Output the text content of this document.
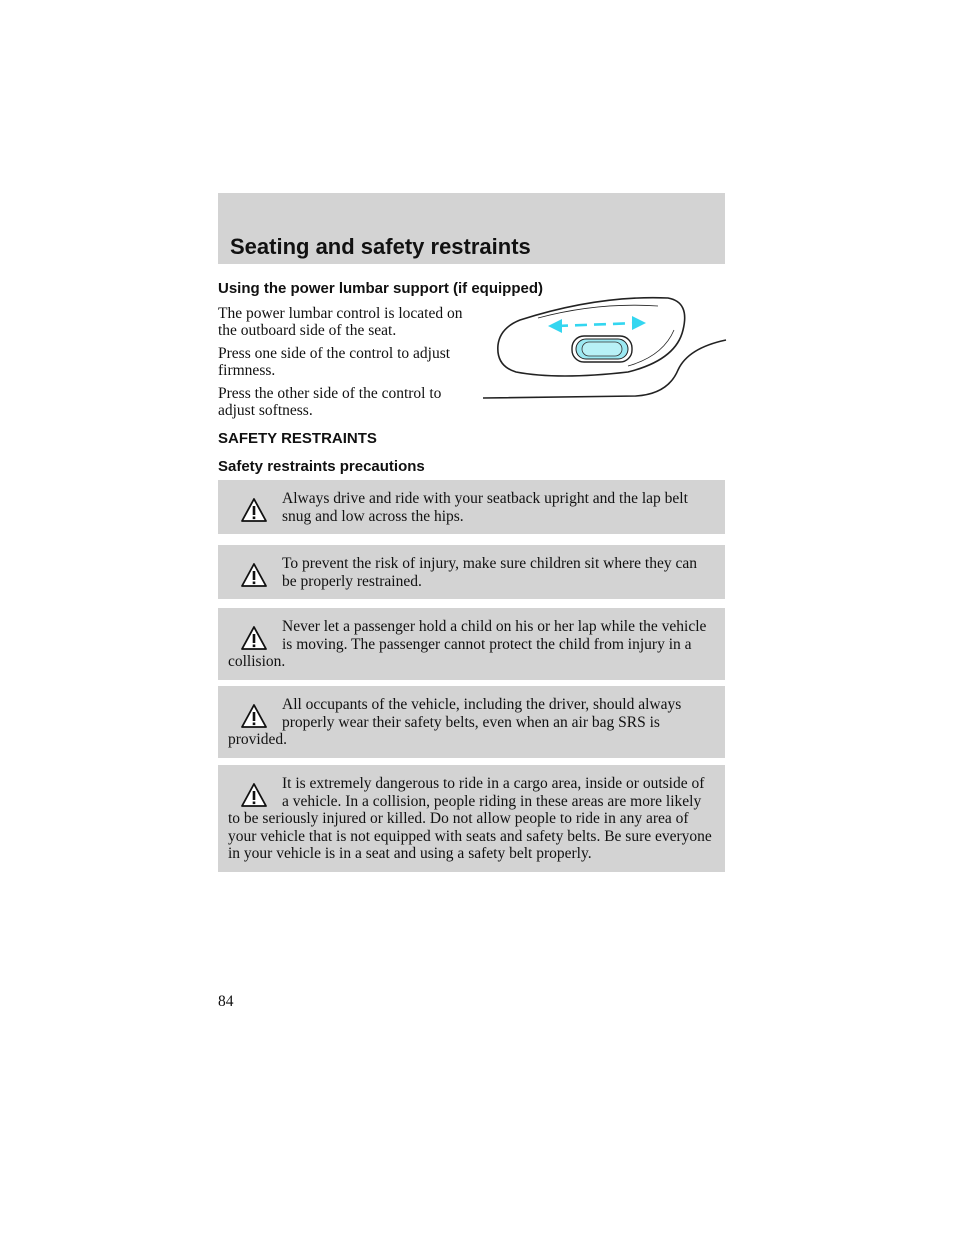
Seating and safety restraints
Using the power lumbar support (if equipped)

The power lumbar control is located on the outboard side of the seat.

Press one side of the control to adjust firmness.

Press the other side of the control to adjust softness.

SAFETY RESTRAINTS
Safety restraints precautions

Always drive and ride with your seatback upright and the lap belt snug and low across the hips.

To prevent the risk of injury, make sure children sit where they can be properly restrained.

Never let a passenger hold a child on his or her lap while the vehicle is moving. The passenger cannot protect the child from injury in a collision.

All occupants of the vehicle, including the driver, should always properly wear their safety belts, even when an air bag SRS is provided.

It is extremely dangerous to ride in a cargo area, inside or outside of a vehicle. In a collision, people riding in these areas are more likely to be seriously injured or killed. Do not allow people to ride in any area of your vehicle that is not equipped with seats and safety belts. Be sure everyone in your vehicle is in a seat and using a safety belt properly.

84
